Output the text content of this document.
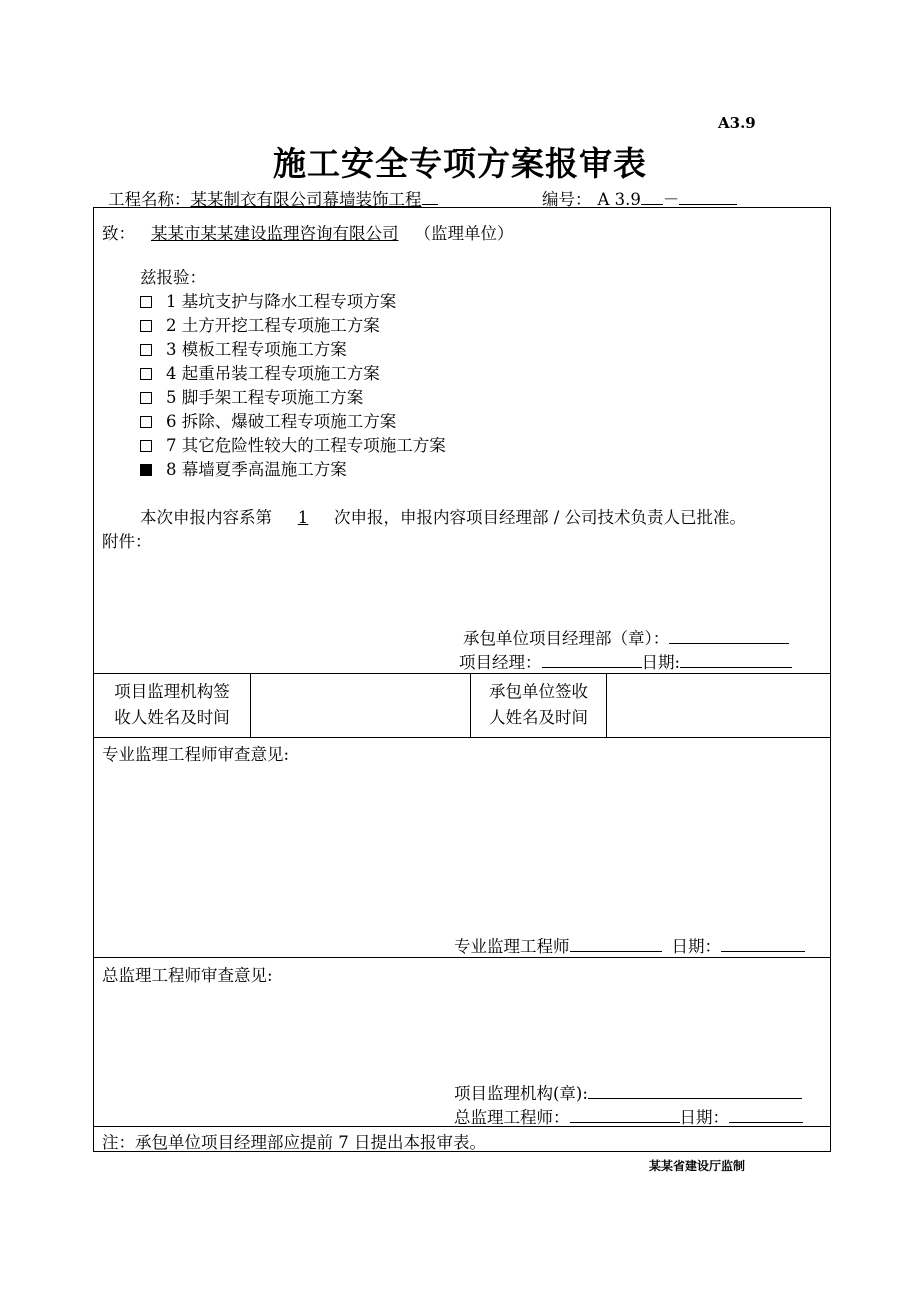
A3.9
施工安全专项方案报审表
工程名称：某某制衣有限公司幕墙装饰工程	编号： A 3.9 －
致： 某某市某某建设监理咨询有限公司 （监理单位）
兹报验：
1 基坑支护与降水工程专项方案
2 土方开挖工程专项施工方案
3 模板工程专项施工方案
4 起重吊装工程专项施工方案
5 脚手架工程专项施工方案
6 拆除、爆破工程专项施工方案
7 其它危险性较大的工程专项施工方案
8 幕墙夏季高温施工方案
本次申报内容系第 1 次申报，申报内容项目经理部 / 公司技术负责人已批准。
附件：
承包单位项目经理部（章）：
项目经理：	日期:
项目监理机构签
收人姓名及时间
承包单位签收
人姓名及时间
专业监理工程师审查意见:
专业监理工程师	日期：
总监理工程师审查意见:
项目监理机构(章):
总监理工程师：	日期：
注：承包单位项目经理部应提前 7 日提出本报审表。
某某省建设厅监制
